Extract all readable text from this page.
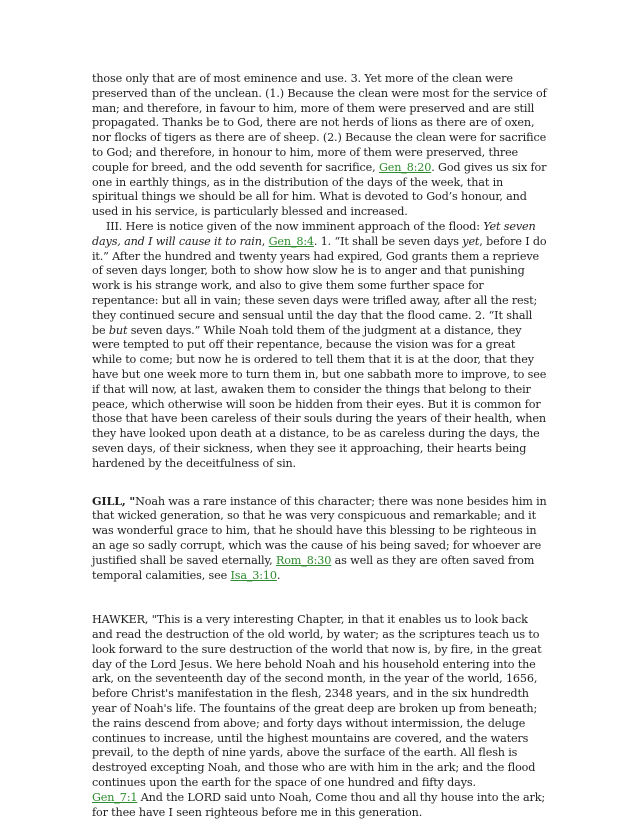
those only that are of most eminence and use. 3. Yet more of the clean were preserved than of the unclean. (1.) Because the clean were most for the service of man; and therefore, in favour to him, more of them were preserved and are still propagated. Thanks be to God, there are not herds of lions as there are of oxen, nor flocks of tigers as there are of sheep. (2.) Because the clean were for sacrifice to God; and therefore, in honour to him, more of them were preserved, three couple for breed, and the odd seventh for sacrifice, Gen_8:20. God gives us six for one in earthly things, as in the distribution of the days of the week, that in spiritual things we should be all for him. What is devoted to God’s honour, and used in his service, is particularly blessed and increased.

III. Here is notice given of the now imminent approach of the flood: Yet seven days, and I will cause it to rain, Gen_8:4. 1. “It shall be seven days yet, before I do it.” After the hundred and twenty years had expired, God grants them a reprieve of seven days longer, both to show how slow he is to anger and that punishing work is his strange work, and also to give them some further space for repentance: but all in vain; these seven days were trifled away, after all the rest; they continued secure and sensual until the day that the flood came. 2. “It shall be but seven days.” While Noah told them of the judgment at a distance, they were tempted to put off their repentance, because the vision was for a great while to come; but now he is ordered to tell them that it is at the door, that they have but one week more to turn them in, but one sabbath more to improve, to see if that will now, at last, awaken them to consider the things that belong to their peace, which otherwise will soon be hidden from their eyes. But it is common for those that have been careless of their souls during the years of their health, when they have looked upon death at a distance, to be as careless during the days, the seven days, of their sickness, when they see it approaching, their hearts being hardened by the deceitfulness of sin.

GILL, "Noah was a rare instance of this character; there was none besides him in that wicked generation, so that he was very conspicuous and remarkable; and it was wonderful grace to him, that he should have this blessing to be righteous in an age so sadly corrupt, which was the cause of his being saved; for whoever are justified shall be saved eternally, Rom_8:30 as well as they are often saved from temporal calamities, see Isa_3:10.

HAWKER, "This is a very interesting Chapter, in that it enables us to look back and read the destruction of the old world, by water; as the scriptures teach us to look forward to the sure destruction of the world that now is, by fire, in the great day of the Lord Jesus. We here behold Noah and his household entering into the ark, on the seventeenth day of the second month, in the year of the world, 1656, before Christ's manifestation in the flesh, 2348 years, and in the six hundredth year of Noah's life. The fountains of the great deep are broken up from beneath; the rains descend from above; and forty days without intermission, the deluge continues to increase, until the highest mountains are covered, and the waters prevail, to the depth of nine yards, above the surface of the earth. All flesh is destroyed excepting Noah, and those who are with him in the ark; and the flood continues upon the earth for the space of one hundred and fifty days.

Gen_7:1 And the LORD said unto Noah, Come thou and all thy house into the ark; for thee have I seen righteous before me in this generation.
